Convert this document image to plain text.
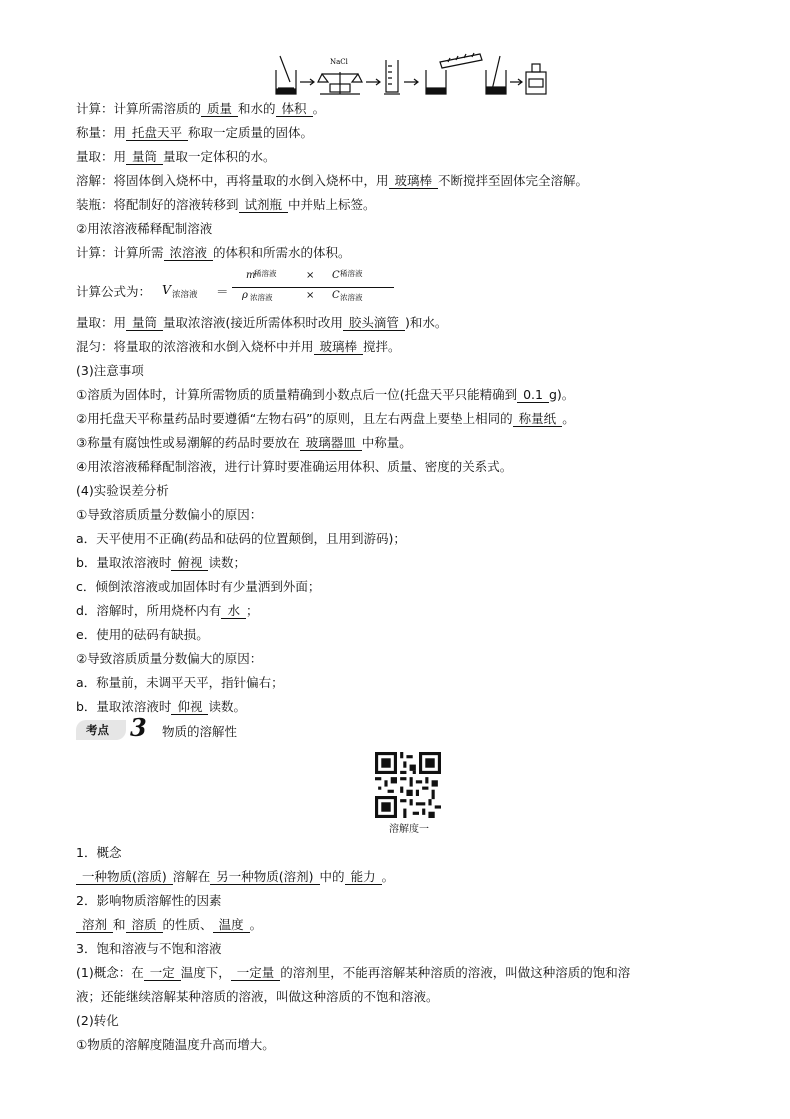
NaCl
计算：计算所需溶质的 质量 和水的 体积 。
称量：用 托盘天平 称取一定质量的固体。
量取：用 量筒 量取一定体积的水。
溶解：将固体倒入烧杯中，再将量取的水倒入烧杯中，用 玻璃棒 不断搅拌至固体完全溶解。
装瓶：将配制好的溶液转移到 试剂瓶 中并贴上标签。
②用浓溶液稀释配制溶液
计算：计算所需 浓溶液 的体积和所需水的体积。
计算公式为： V 浓溶液 ＝
m
稀溶液	× C 稀溶液
ρ 浓溶液	× C 浓溶液
量取：用 量筒 量取浓溶液(接近所需体积时改用 胶头滴管 )和水。
混匀：将量取的浓溶液和水倒入烧杯中并用 玻璃棒 搅拌。
(3)注意事项
①溶质为固体时，计算所需物质的质量精确到小数点后一位(托盘天平只能精确到 0.1 g)。
②用托盘天平称量药品时要遵循“左物右码”的原则，且左右两盘上要垫上相同的 称量纸 。
③称量有腐蚀性或易潮解的药品时要放在 玻璃器皿 中称量。
④用浓溶液稀释配制溶液，进行计算时要准确运用体积、质量、密度的关系式。
(4)实验误差分析
①导致溶质质量分数偏小的原因：
a．天平使用不正确(药品和砝码的位置颠倒，且用到游码)；
b．量取浓溶液时 俯视 读数；
c．倾倒浓溶液或加固体时有少量洒到外面；
d．溶解时，所用烧杯内有 水 ；
e．使用的砝码有缺损。
②导致溶质质量分数偏大的原因：
a．称量前，未调平天平，指针偏右；
b．量取浓溶液时 仰视 读数。
考点 3 物质的溶解性
溶解度一
1．概念
一种物质(溶质) 溶解在 另一种物质(溶剂) 中的 能力 。
2．影响物质溶解性的因素
溶剂 和 溶质 的性质、 温度 。
3．饱和溶液与不饱和溶液
(1)概念：在 一定 温度下， 一定量 的溶剂里，不能再溶解某种溶质的溶液，叫做这种溶质的饱和溶
液；还能继续溶解某种溶质的溶液，叫做这种溶质的不饱和溶液。
(2)转化
①物质的溶解度随温度升高而增大。
